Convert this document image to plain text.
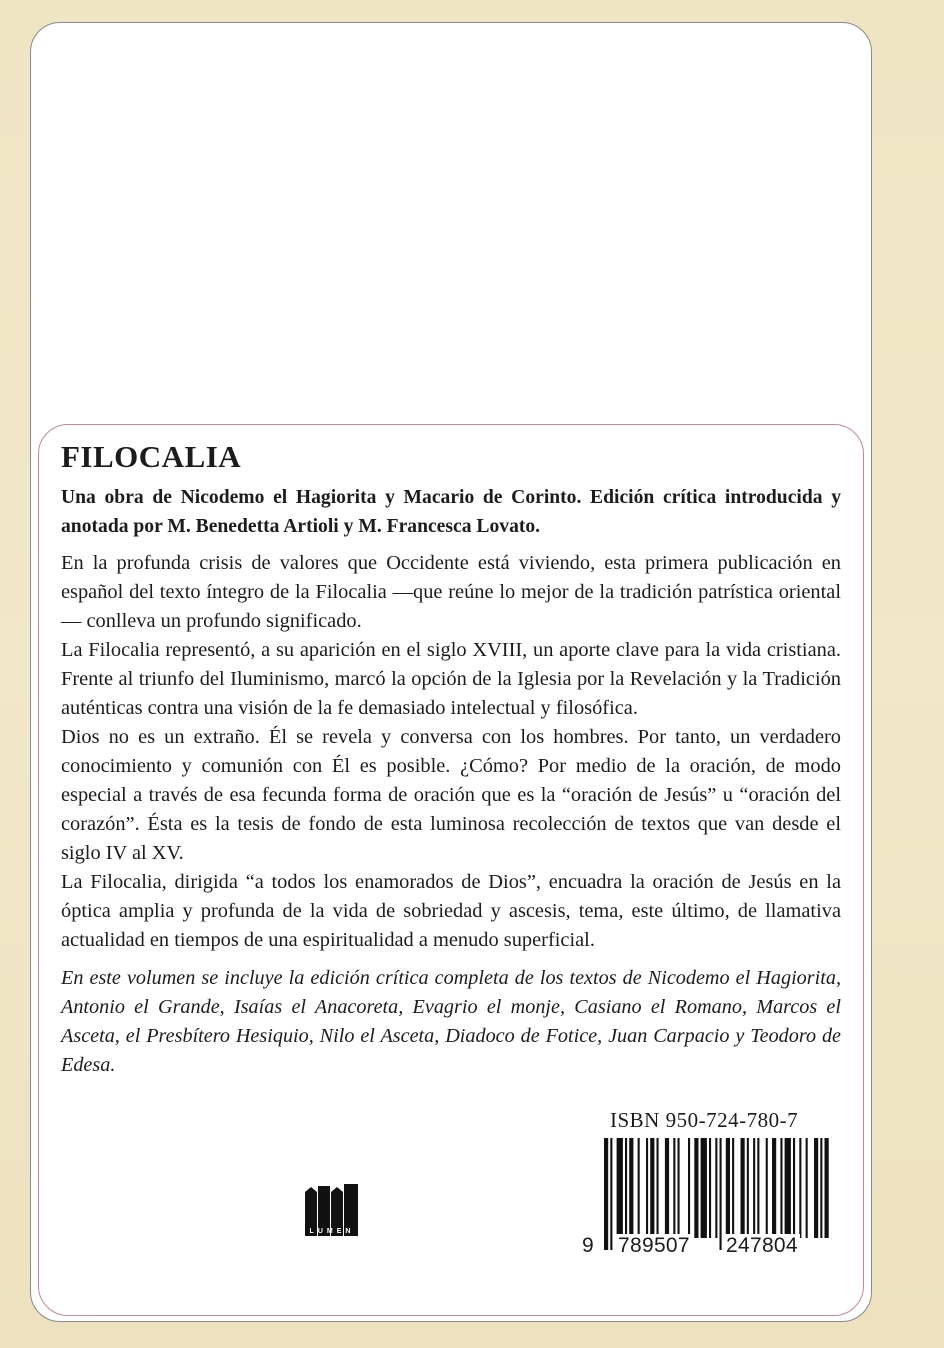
FILOCALIA
Una obra de Nicodemo el Hagiorita y Macario de Corinto. Edición crítica introducida y anotada por M. Benedetta Artioli y M. Francesca Lovato.

En la profunda crisis de valores que Occidente está viviendo, esta primera publicación en español del texto íntegro de la Filocalia —que reúne lo mejor de la tradición patrística oriental— conlleva un profundo significado.

La Filocalia representó, a su aparición en el siglo XVIII, un aporte clave para la vida cristiana. Frente al triunfo del Iluminismo, marcó la opción de la Iglesia por la Revelación y la Tradición auténticas contra una visión de la fe demasiado intelectual y filosófica.

Dios no es un extraño. Él se revela y conversa con los hombres. Por tanto, un verdadero conocimiento y comunión con Él es posible. ¿Cómo? Por medio de la oración, de modo especial a través de esa fecunda forma de oración que es la “oración de Jesús” u “oración del corazón”. Ésta es la tesis de fondo de esta luminosa recolección de textos que van desde el siglo IV al XV.

La Filocalia, dirigida “a todos los enamorados de Dios”, encuadra la oración de Jesús en la óptica amplia y profunda de la vida de sobriedad y ascesis, tema, este último, de llamativa actualidad en tiempos de una espiritualidad a menudo superficial.

En este volumen se incluye la edición crítica completa de los textos de Nicodemo el Hagiorita, Antonio el Grande, Isaías el Anacoreta, Evagrio el monje, Casiano el Romano, Marcos el Asceta, el Presbítero Hesiquio, Nilo el Asceta, Diadoco de Fotice, Juan Carpacio y Teodoro de Edesa.
LUMEN
ISBN 950-724-780-7
9 789507 247804
